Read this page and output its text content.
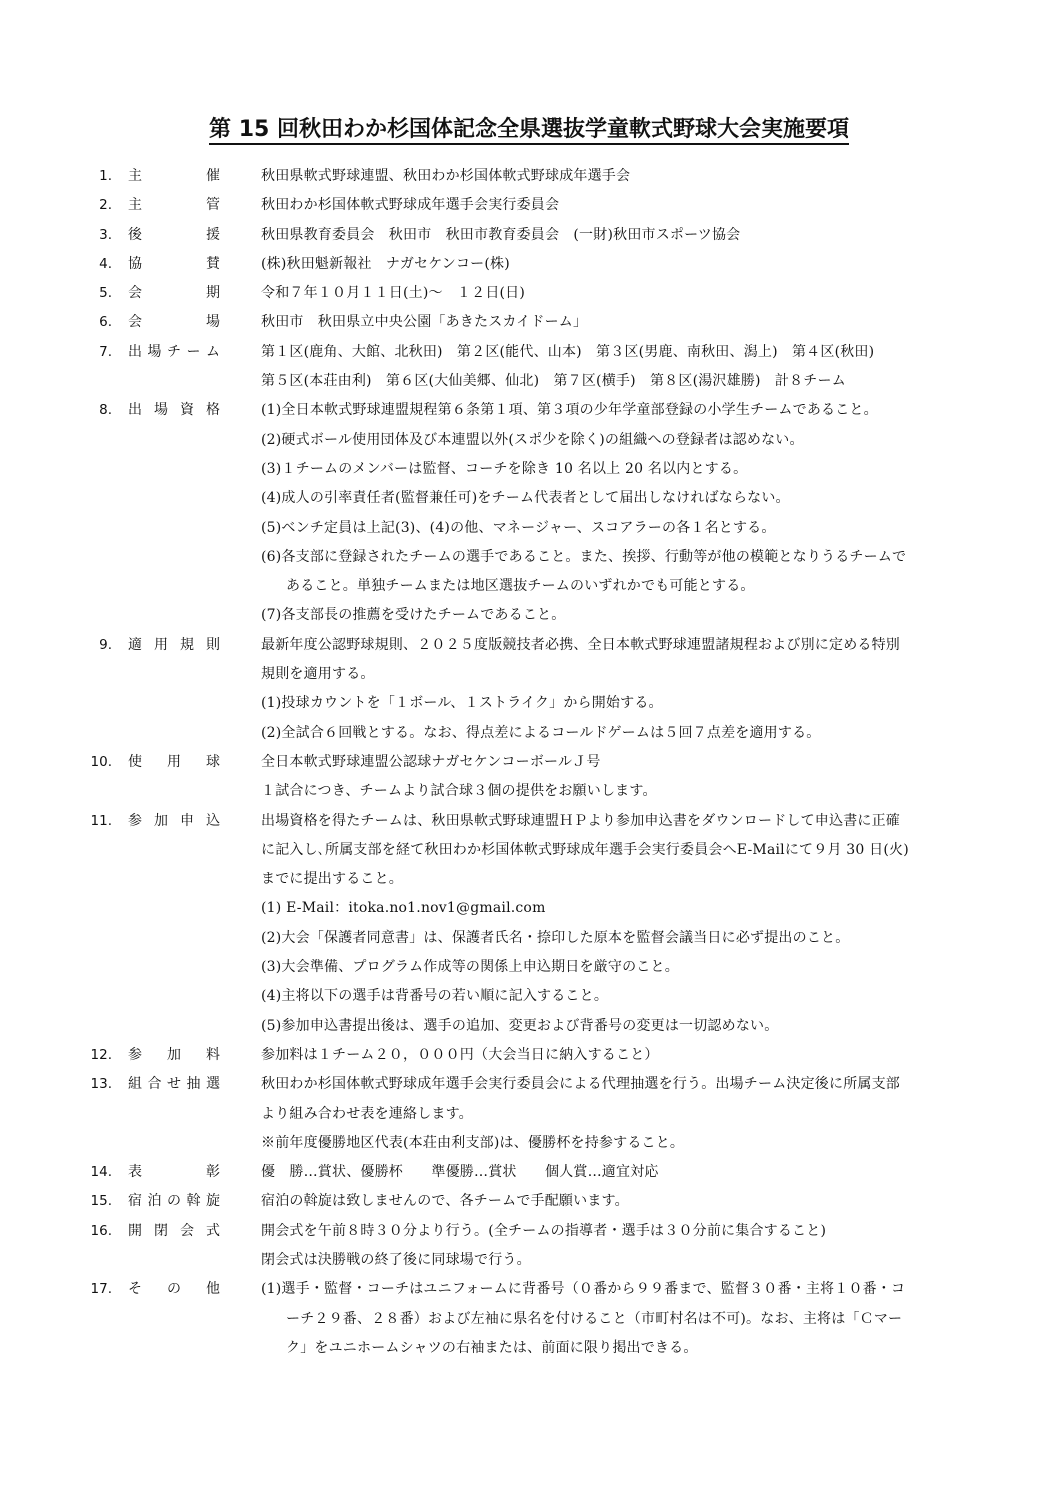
第 15 回秋田わか杉国体記念全県選抜学童軟式野球大会実施要項
1. 主　　　催	秋田県軟式野球連盟、秋田わか杉国体軟式野球成年選手会
2. 主　　　管	秋田わか杉国体軟式野球成年選手会実行委員会
3. 後　　　援	秋田県教育委員会　秋田市　秋田市教育委員会　(一財)秋田市スポーツ協会
4. 協　　　賛	(株)秋田魁新報社　ナガセケンコー(株)
5. 会　　　期	令和７年１０月１１日(土)～　１２日(日)
6. 会　　　場	秋田市　秋田県立中央公園「あきたスカイドーム」
7. 出場チーム	第１区(鹿角、大館、北秋田)　第２区(能代、山本)　第３区(男鹿、南秋田、潟上)　第４区(秋田)
第５区(本荘由利)　第６区(大仙美郷、仙北)　第７区(横手)　第８区(湯沢雄勝)　計８チーム
8. 出場資格	(1)全日本軟式野球連盟規程第６条第１項、第３項の少年学童部登録の小学生チームであること。
(2)硬式ボール使用団体及び本連盟以外(スポ少を除く)の組織への登録者は認めない。
(3)１チームのメンバーは監督、コーチを除き 10 名以上 20 名以内とする。
(4)成人の引率責任者(監督兼任可)をチーム代表者として届出しなければならない。
(5)ベンチ定員は上記(3)、(4)の他、マネージャー、スコアラーの各１名とする。
(6)各支部に登録されたチームの選手であること。また、挨拶、行動等が他の模範となりうるチームで
あること。単独チームまたは地区選抜チームのいずれかでも可能とする。
(7)各支部長の推薦を受けたチームであること。
9. 適用規則	最新年度公認野球規則、２０２５度版競技者必携、全日本軟式野球連盟諸規程および別に定める特別
規則を適用する。
(1)投球カウントを「１ボール、１ストライク」から開始する。
(2)全試合６回戦とする。なお、得点差によるコールドゲームは５回７点差を適用する。
10. 使　用　球	全日本軟式野球連盟公認球ナガセケンコーボールＪ号
１試合につき、チームより試合球３個の提供をお願いします。
11. 参加申込	出場資格を得たチームは、秋田県軟式野球連盟ＨＰより参加申込書をダウンロードして申込書に正確
に記入し､所属支部を経て秋田わか杉国体軟式野球成年選手会実行委員会へE-Mailにて９月 30 日(火)
までに提出すること。
(1) E-Mail：itoka.no1.nov1@gmail.com
(2)大会「保護者同意書」は、保護者氏名・捺印した原本を監督会議当日に必ず提出のこと。
(3)大会準備、プログラム作成等の関係上申込期日を厳守のこと。
(4)主将以下の選手は背番号の若い順に記入すること。
(5)参加申込書提出後は、選手の追加、変更および背番号の変更は一切認めない。
12. 参　加　料	参加料は１チーム２０，０００円（大会当日に納入すること）
13. 組合せ抽選	秋田わか杉国体軟式野球成年選手会実行委員会による代理抽選を行う。出場チーム決定後に所属支部
より組み合わせ表を連絡します。
※前年度優勝地区代表(本荘由利支部)は、優勝杯を持参すること。
14. 表　　　彰	優　勝…賞状、優勝杯　　準優勝…賞状　　個人賞…適宜対応
15. 宿泊の斡旋	宿泊の斡旋は致しませんので、各チームで手配願います。
16. 開閉会式	開会式を午前８時３０分より行う。(全チームの指導者・選手は３０分前に集合すること)
閉会式は決勝戦の終了後に同球場で行う。
17. そ　の　他	(1)選手・監督・コーチはユニフォームに背番号（０番から９９番まで、監督３０番・主将１０番・コ
ーチ２９番、２８番）および左袖に県名を付けること（市町村名は不可)。なお、主将は「Ｃマー
ク」をユニホームシャツの右袖または、前面に限り掲出できる。
